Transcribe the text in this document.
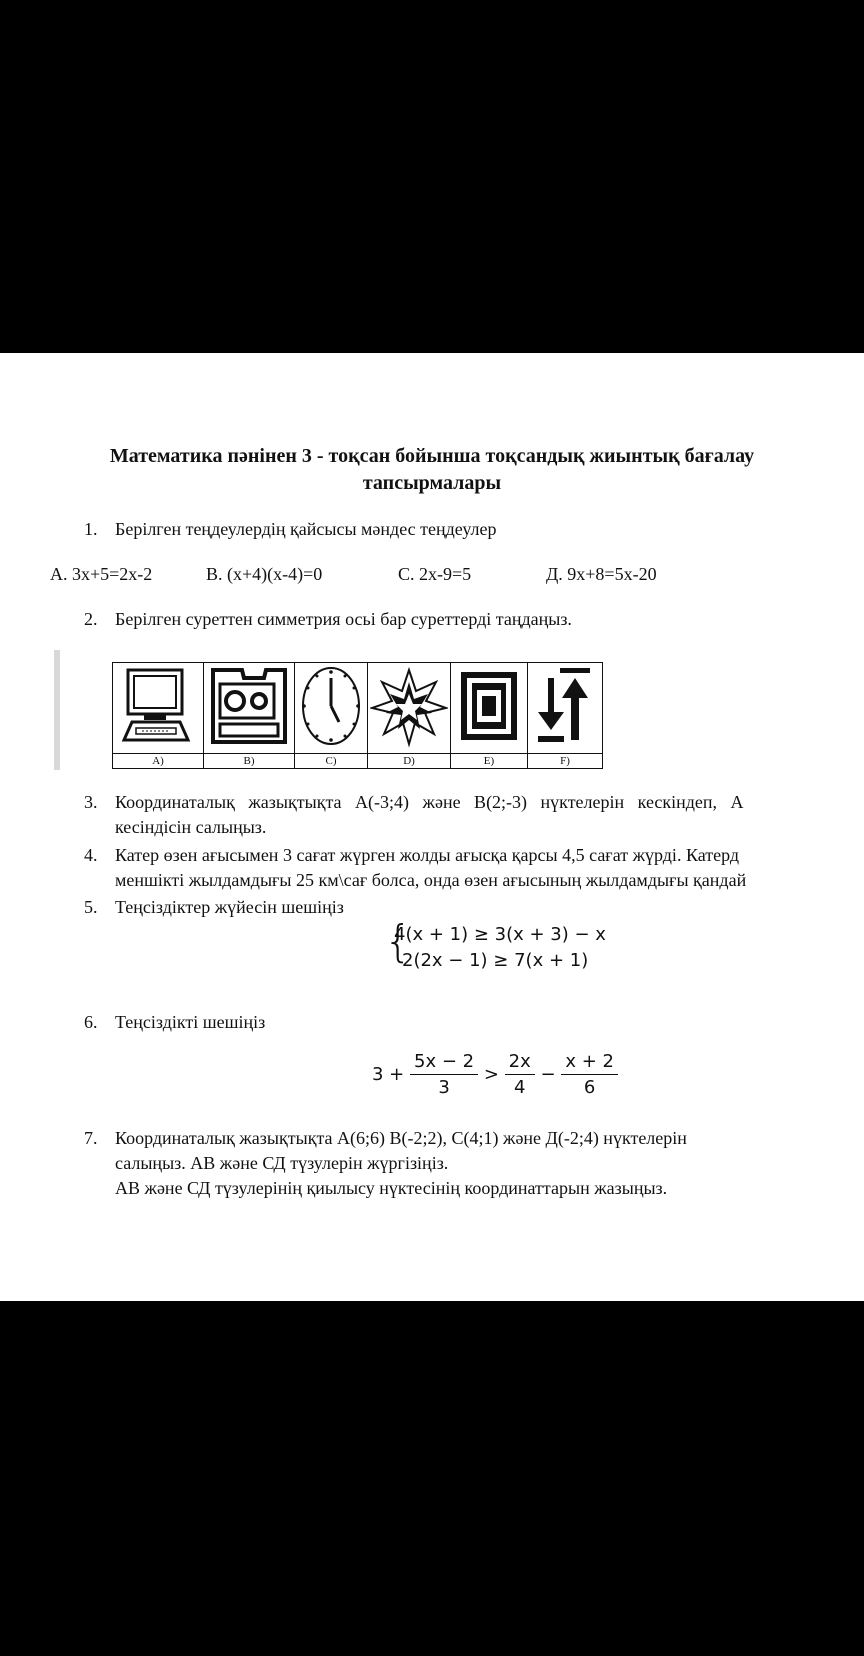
Математика пәнінен 3 - тоқсан бойынша тоқсандық жиынтық бағалау
тапсырмалары
1. Берілген теңдеулердің қайсысы мәндес теңдеулер
А. 3x+5=2x-2	В. (x+4)(x-4)=0	С. 2x-9=5	Д. 9x+8=5x-20
2. Берілген суреттен симметрия осьі бар суреттерді таңдаңыз.

A)	B)	C)	D)	E)	F)
3. Координаталық жазықтықта А(-3;4) және В(2;-3) нүктелерін кескіндеп, А
кесіндісін салыңыз.
4. Катер өзен ағысымен 3 сағат жүрген жолды ағысқа қарсы 4,5 сағат жүрді. Катерд
меншікті жылдамдығы 25 км\сағ болса, онда өзен ағысының жылдамдығы қандай
5. Теңсіздіктер жүйесін шешіңіз
{
4(x + 1) ≥ 3(x + 3) − x
2(2x − 1) ≥ 7(x + 1)
6. Теңсіздікті шешіңіз
$3 + \frac{5x - 2}{3} > \frac{2x}{4} - \frac{x + 2}{6}$
7. Координаталық жазықтықта А(6;6) В(-2;2), С(4;1) және Д(-2;4) нүктелерін
салыңыз. АВ және СД түзулерін жүргізіңіз.
АВ және СД түзулерінің қиылысу нүктесінің координаттарын жазыңыз.
